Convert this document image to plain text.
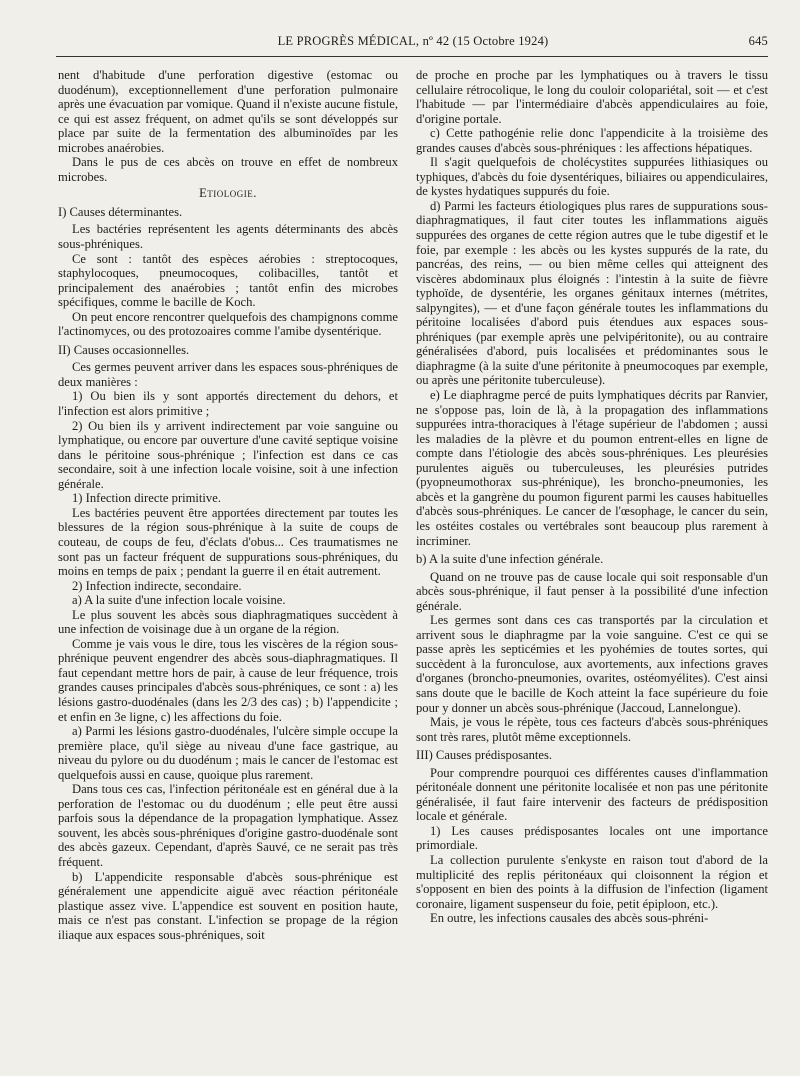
LE PROGRÈS MÉDICAL, nº 42 (15 Octobre 1924)	645

nent d'habitude d'une perforation digestive (estomac ou duodénum), exceptionnellement d'une perforation pulmonaire après une évacuation par vomique. Quand il n'existe aucune fistule, ce qui est assez fréquent, on admet qu'ils se sont développés sur place par suite de la fermentation des albuminoïdes par les microbes anaérobies.

Dans le pus de ces abcès on trouve en effet de nombreux microbes.

Etiologie.

I) Causes déterminantes.

Les bactéries représentent les agents déterminants des abcès sous-phréniques.

Ce sont : tantôt des espèces aérobies : streptocoques, staphylocoques, pneumocoques, colibacilles, tantôt et principalement des anaérobies ; tantôt enfin des microbes spécifiques, comme le bacille de Koch.

On peut encore rencontrer quelquefois des champignons comme l'actinomyces, ou des protozoaires comme l'amibe dysentérique.

II) Causes occasionnelles.

Ces germes peuvent arriver dans les espaces sous-phréniques de deux manières :

1) Ou bien ils y sont apportés directement du dehors, et l'infection est alors primitive ;

2) Ou bien ils y arrivent indirectement par voie sanguine ou lymphatique, ou encore par ouverture d'une cavité septique voisine dans le péritoine sous-phrénique ; l'infection est dans ce cas secondaire, soit à une infection locale voisine, soit à une infection générale.

1) Infection directe primitive.

Les bactéries peuvent être apportées directement par toutes les blessures de la région sous-phrénique à la suite de coups de couteau, de coups de feu, d'éclats d'obus... Ces traumatismes ne sont pas un facteur fréquent de suppurations sous-phréniques, du moins en temps de paix ; pendant la guerre il en était autrement.

2) Infection indirecte, secondaire.

a) A la suite d'une infection locale voisine.

Le plus souvent les abcès sous diaphragmatiques succèdent à une infection de voisinage due à un organe de la région.

Comme je vais vous le dire, tous les viscères de la région sous-phrénique peuvent engendrer des abcès sous-diaphragmatiques. Il faut cependant mettre hors de pair, à cause de leur fréquence, trois grandes causes principales d'abcès sous-phréniques, ce sont : a) les lésions gastro-duodénales (dans les 2/3 des cas) ; b) l'appendicite ; et enfin en 3e ligne, c) les affections du foie.

a) Parmi les lésions gastro-duodénales, l'ulcère simple occupe la première place, qu'il siège au niveau d'une face gastrique, au niveau du pylore ou du duodénum ; mais le cancer de l'estomac est quelquefois aussi en cause, quoique plus rarement.

Dans tous ces cas, l'infection péritonéale est en général due à la perforation de l'estomac ou du duodénum ; elle peut être aussi parfois sous la dépendance de la propagation lymphatique. Assez souvent, les abcès sous-phréniques d'origine gastro-duodénale sont des abcès gazeux. Cependant, d'après Sauvé, ce ne serait pas très fréquent.

b) L'appendicite responsable d'abcès sous-phrénique est généralement une appendicite aiguë avec réaction péritonéale plastique assez vive. L'appendice est souvent en position haute, mais ce n'est pas constant. L'infection se propage de la région iliaque aux espaces sous-phréniques, soit

de proche en proche par les lymphatiques ou à travers le tissu cellulaire rétrocolique, le long du couloir colopariétal, soit — et c'est l'habitude — par l'intermédiaire d'abcès appendiculaires au foie, d'origine portale.

c) Cette pathogénie relie donc l'appendicite à la troisième des grandes causes d'abcès sous-phréniques : les affections hépatiques.

Il s'agit quelquefois de cholécystites suppurées lithiasiques ou typhiques, d'abcès du foie dysentériques, biliaires ou appendiculaires, de kystes hydatiques suppurés du foie.

d) Parmi les facteurs étiologiques plus rares de suppurations sous-diaphragmatiques, il faut citer toutes les inflammations aiguës suppurées des organes de cette région autres que le tube digestif et le foie, par exemple : les abcès ou les kystes suppurés de la rate, du pancréas, des reins, — ou bien même celles qui atteignent des viscères abdominaux plus éloignés : l'intestin à la suite de fièvre typhoïde, de dysentérie, les organes génitaux internes (métrites, salpyngites), — et d'une façon générale toutes les inflammations du péritoine localisées d'abord puis étendues aux espaces sous-phréniques (par exemple après une pelvipéritonite), ou au contraire généralisées d'abord, puis localisées et prédominantes sous le diaphragme (à la suite d'une péritonite à pneumocoques par exemple, ou après une péritonite tuberculeuse).

e) Le diaphragme percé de puits lymphatiques décrits par Ranvier, ne s'oppose pas, loin de là, à la propagation des inflammations suppurées intra-thoraciques à l'étage supérieur de l'abdomen ; aussi les maladies de la plèvre et du poumon entrent-elles en ligne de compte dans l'étiologie des abcès sous-phréniques. Les pleurésies purulentes aiguës ou tuberculeuses, les pleurésies putrides (pyopneumothorax sus-phrénique), les broncho-pneumonies, les abcès et la gangrène du poumon figurent parmi les causes habituelles d'abcès sous-phréniques. Le cancer de l'œsophage, le cancer du sein, les ostéites costales ou vertébrales sont beaucoup plus rarement à incriminer.

b) A la suite d'une infection générale.

Quand on ne trouve pas de cause locale qui soit responsable d'un abcès sous-phrénique, il faut penser à la possibilité d'une infection générale.

Les germes sont dans ces cas transportés par la circulation et arrivent sous le diaphragme par la voie sanguine. C'est ce qui se passe après les septicémies et les pyohémies de toutes sortes, qui succèdent à la furonculose, aux avortements, aux infections graves d'organes (broncho-pneumonies, ovarites, ostéomyélites). C'est ainsi sans doute que le bacille de Koch atteint la face supérieure du foie pour y donner un abcès sous-phrénique (Jaccoud, Lannelongue).

Mais, je vous le répète, tous ces facteurs d'abcès sous-phréniques sont très rares, plutôt même exceptionnels.

III) Causes prédisposantes.

Pour comprendre pourquoi ces différentes causes d'inflammation péritonéale donnent une péritonite localisée et non pas une péritonite généralisée, il faut faire intervenir des facteurs de prédisposition locale et générale.

1) Les causes prédisposantes locales ont une importance primordiale.

La collection purulente s'enkyste en raison tout d'abord de la multiplicité des replis péritonéaux qui cloisonnent la région et s'opposent en bien des points à la diffusion de l'infection (ligament coronaire, ligament suspenseur du foie, petit épiploon, etc.).

En outre, les infections causales des abcès sous-phréni-
